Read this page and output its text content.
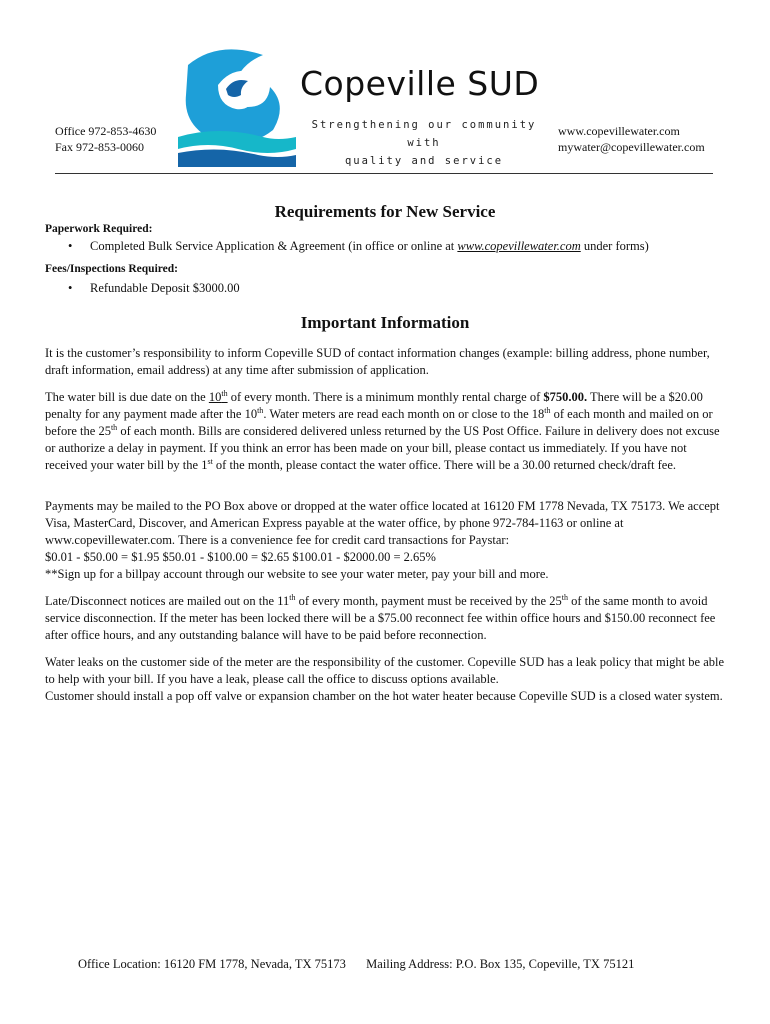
Copeville SUD
Strengthening our community with
quality and service
Office 972-853-4630
Fax 972-853-0060
www.copevillewater.com
mywater@copevillewater.com
Requirements for New Service
Paperwork Required:
• Completed Bulk Service Application & Agreement (in office or online at www.copevillewater.com under forms)
Fees/Inspections Required:
• Refundable Deposit $3000.00
Important Information

It is the customer’s responsibility to inform Copeville SUD of contact information changes (example: billing address, phone number, draft information, email address) at any time after submission of application.

The water bill is due date on the 10th of every month. There is a minimum monthly rental charge of $750.00. There will be a $20.00 penalty for any payment made after the 10th. Water meters are read each month on or close to the 18th of each month and mailed on or before the 25th of each month. Bills are considered delivered unless returned by the US Post Office. Failure in delivery does not excuse or authorize a delay in payment. If you think an error has been made on your bill, please contact us immediately. If you have not received your water bill by the 1st of the month, please contact the water office. There will be a 30.00 returned check/draft fee.

Payments may be mailed to the PO Box above or dropped at the water office located at 16120 FM 1778 Nevada, TX 75173. We accept Visa, MasterCard, Discover, and American Express payable at the water office, by phone 972-784-1163 or online at www.copevillewater.com. There is a convenience fee for credit card transactions for Paystar:
$0.01 - $50.00 = $1.95 $50.01 - $100.00 = $2.65 $100.01 - $2000.00 = 2.65%
**Sign up for a billpay account through our website to see your water meter, pay your bill and more.

Late/Disconnect notices are mailed out on the 11th of every month, payment must be received by the 25th of the same month to avoid service disconnection. If the meter has been locked there will be a $75.00 reconnect fee within office hours and $150.00 reconnect fee after office hours, and any outstanding balance will have to be paid before reconnection.

Water leaks on the customer side of the meter are the responsibility of the customer. Copeville SUD has a leak policy that might be able to help with your bill. If you have a leak, please call the office to discuss options available.
Customer should install a pop off valve or expansion chamber on the hot water heater because Copeville SUD is a closed water system.
Office Location: 16120 FM 1778, Nevada, TX 75173 Mailing Address: P.O. Box 135, Copeville, TX 75121
